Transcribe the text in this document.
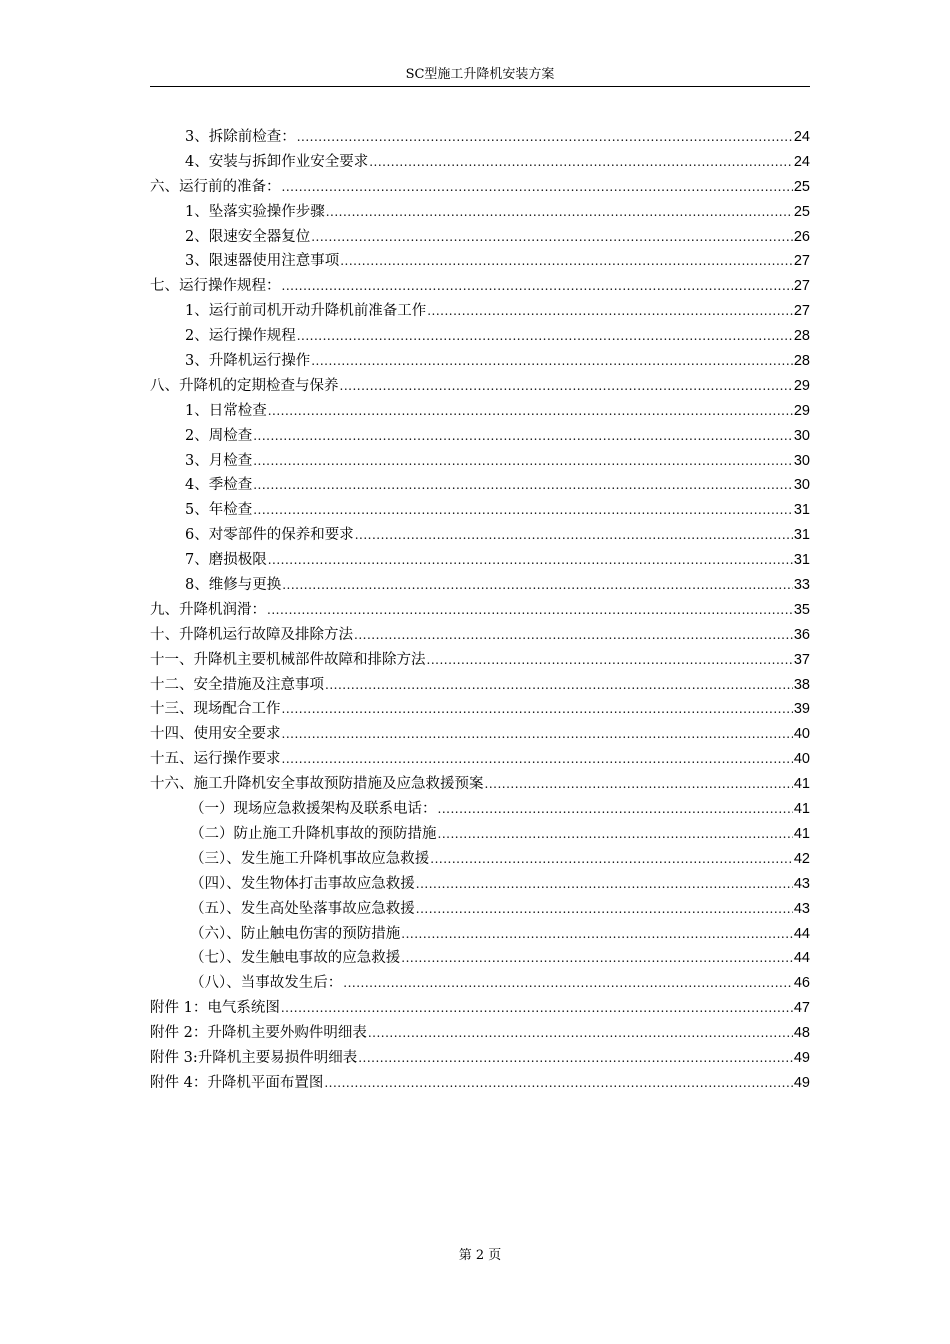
SC型施工升降机安装方案
3、拆除前检查： .....	24
4、安装与拆卸作业安全要求 .....	24
六、运行前的准备： .....	25
1、坠落实验操作步骤 .....	25
2、限速安全器复位 .....	26
3、限速器使用注意事项 .....	27
七、运行操作规程： .....	27
1、运行前司机开动升降机前准备工作 .....	27
2、运行操作规程 .....	28
3、升降机运行操作 .....	28
八、升降机的定期检查与保养 .....	29
1、日常检查 .....	29
2、周检查 .....	30
3、月检查 .....	30
4、季检查 .....	30
5、年检查 .....	31
6、对零部件的保养和要求 .....	31
7、磨损极限 .....	31
8、维修与更换 .....	33
九、升降机润滑： .....	35
十、升降机运行故障及排除方法 .....	36
十一、升降机主要机械部件故障和排除方法 .....	37
十二、安全措施及注意事项 .....	38
十三、现场配合工作 .....	39
十四、使用安全要求 .....	40
十五、运行操作要求 .....	40
十六、施工升降机安全事故预防措施及应急救援预案 .....	41
（一）现场应急救援架构及联系电话： .....	41
（二）防止施工升降机事故的预防措施 .....	41
（三）、发生施工升降机事故应急救援 .....	42
（四）、发生物体打击事故应急救援 .....	43
（五）、发生高处坠落事故应急救援 .....	43
（六）、防止触电伤害的预防措施 .....	44
（七）、发生触电事故的应急救援 .....	44
（八）、当事故发生后： .....	46
附件 1：电气系统图 .....	47
附件 2：升降机主要外购件明细表 .....	48
附件 3:升降机主要易损件明细表 .....	49
附件 4：升降机平面布置图 .....	49
第 2 页
